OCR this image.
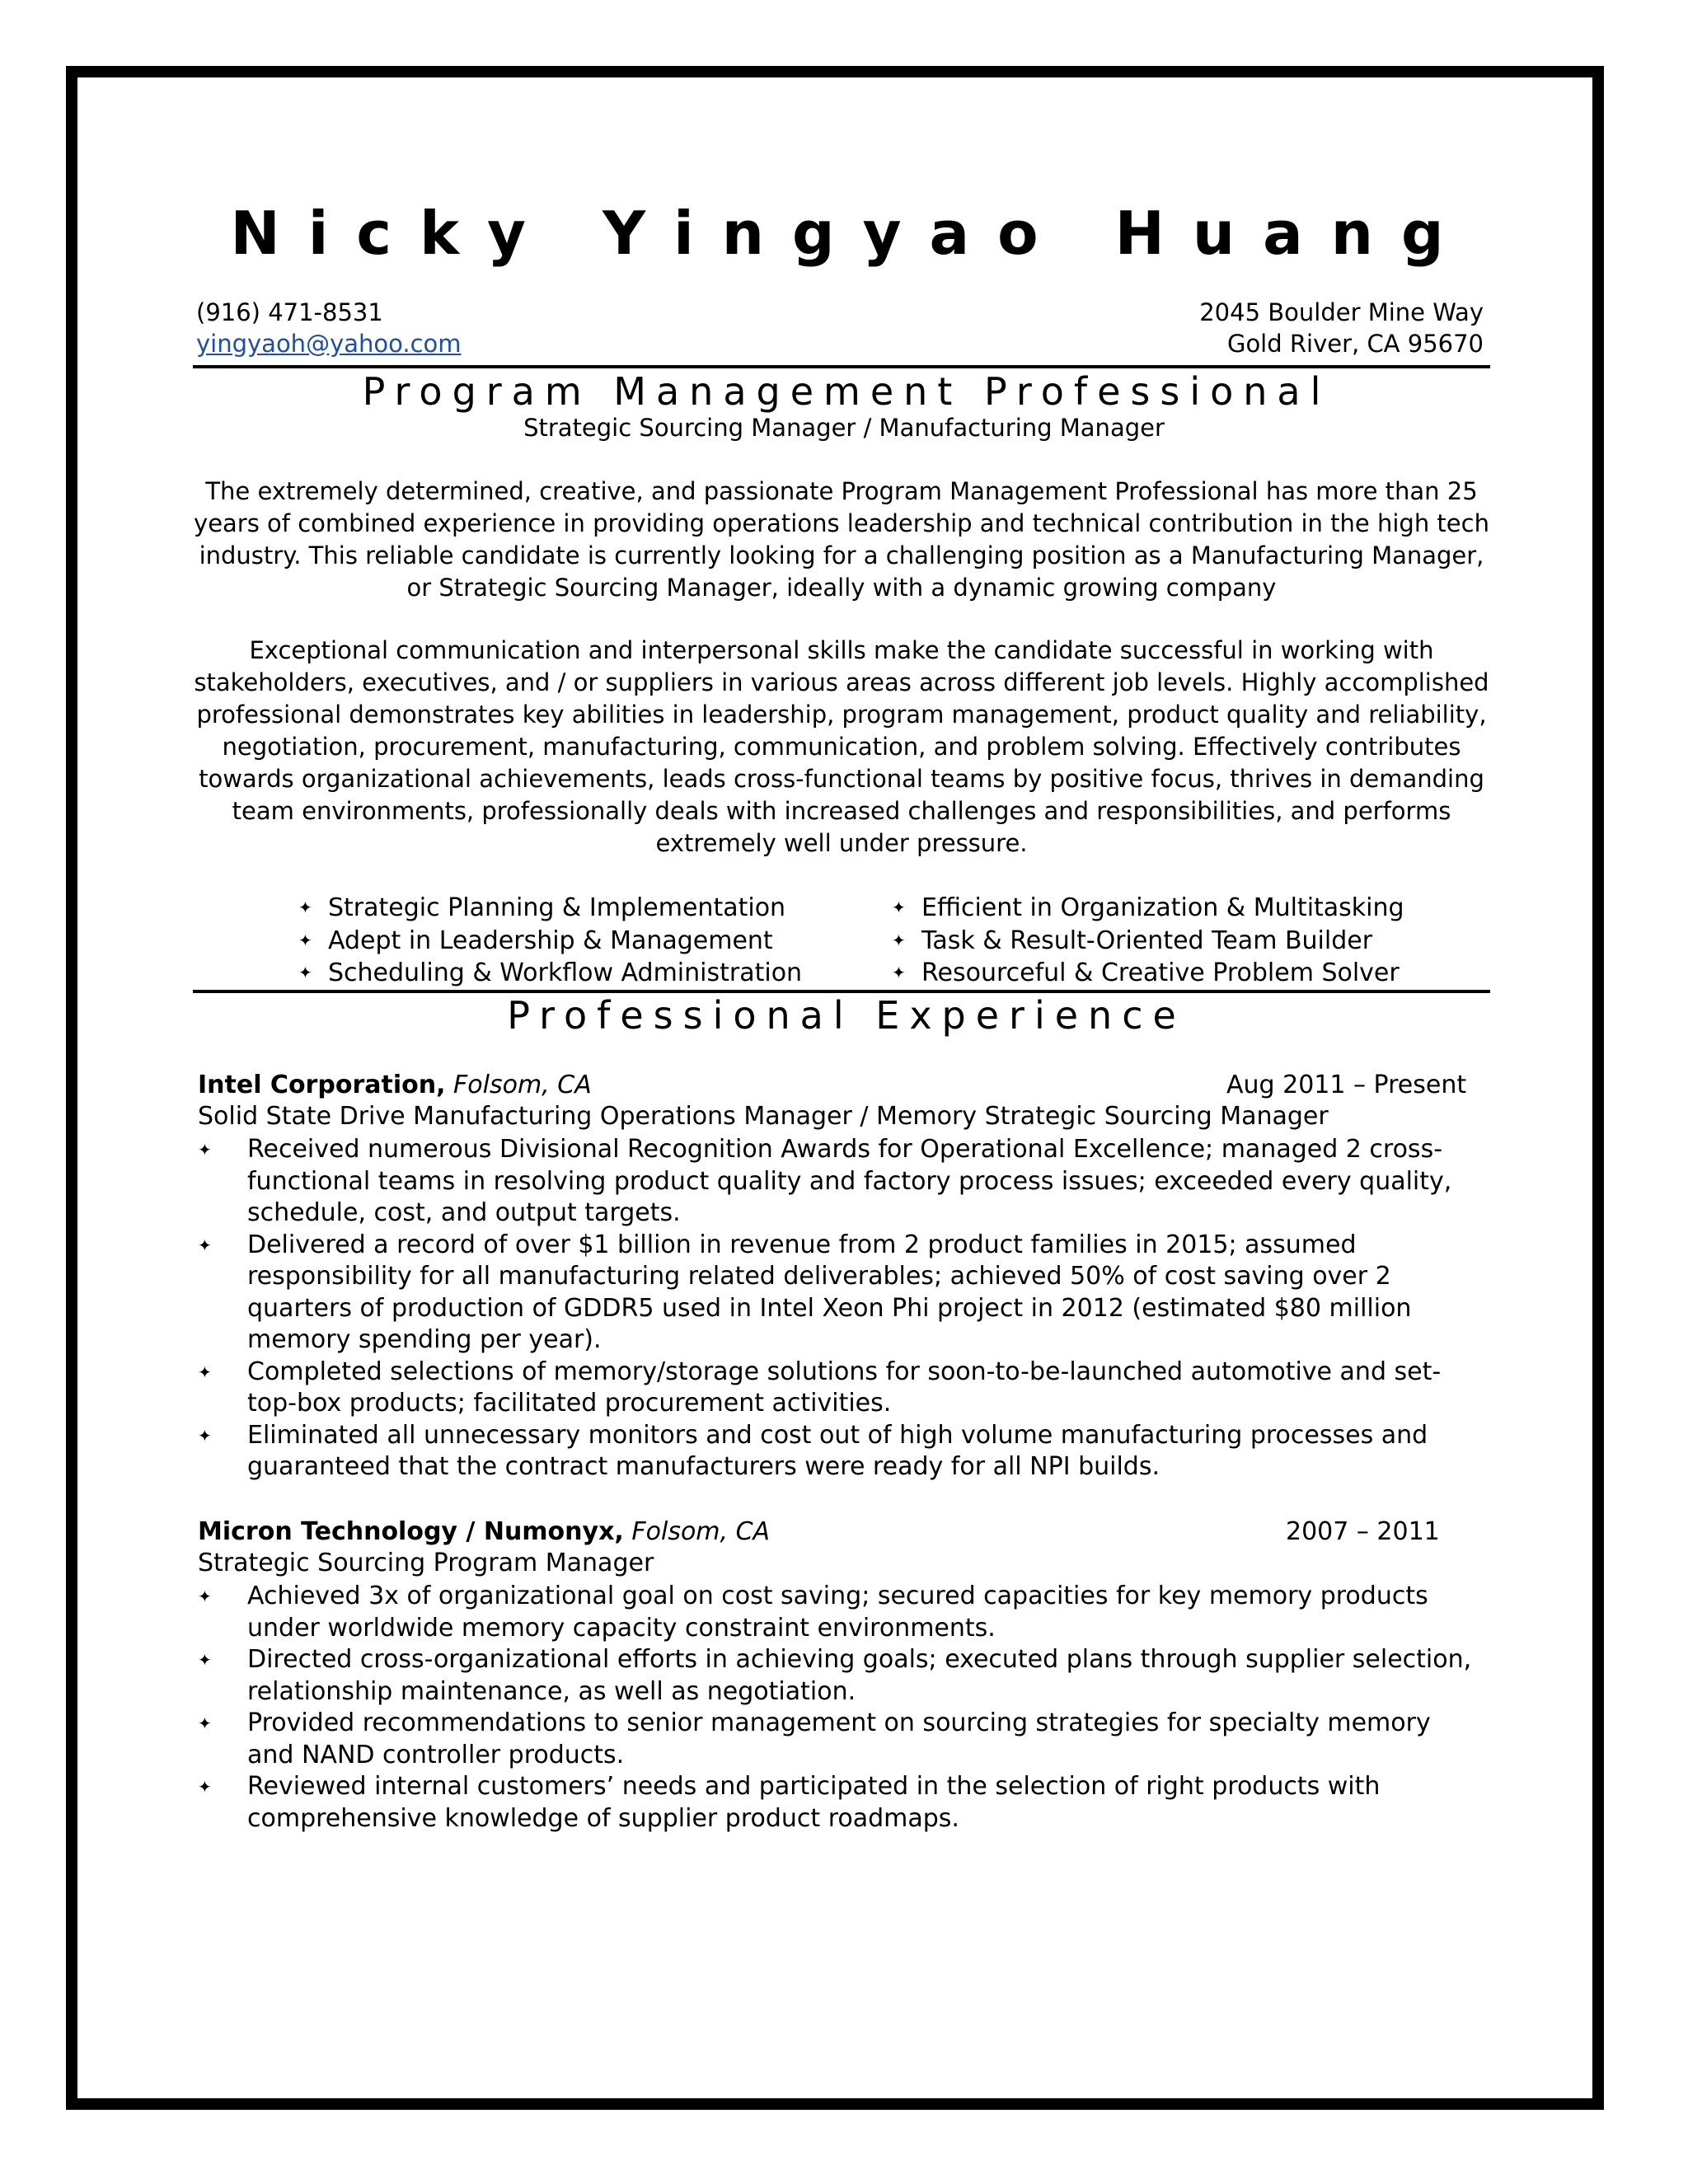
Nicky Yingyao Huang
(916) 471-8531
yingyaoh@yahoo.com
2045 Boulder Mine Way
Gold River, CA 95670
Program Management Professional
Strategic Sourcing Manager / Manufacturing Manager

The extremely determined, creative, and passionate Program Management Professional has more than 25 years of combined experience in providing operations leadership and technical contribution in the high tech industry. This reliable candidate is currently looking for a challenging position as a Manufacturing Manager, or Strategic Sourcing Manager, ideally with a dynamic growing company

Exceptional communication and interpersonal skills make the candidate successful in working with stakeholders, executives, and / or suppliers in various areas across different job levels. Highly accomplished professional demonstrates key abilities in leadership, program management, product quality and reliability, negotiation, procurement, manufacturing, communication, and problem solving. Effectively contributes towards organizational achievements, leads cross-functional teams by positive focus, thrives in demanding team environments, professionally deals with increased challenges and responsibilities, and performs extremely well under pressure.

✦ Strategic Planning & Implementation
✦ Adept in Leadership & Management
✦ Scheduling & Workflow Administration
✦ Efficient in Organization & Multitasking
✦ Task & Result-Oriented Team Builder
✦ Resourceful & Creative Problem Solver
Professional Experience
Intel Corporation, Folsom, CA	Aug 2011 – Present
Solid State Drive Manufacturing Operations Manager / Memory Strategic Sourcing Manager
✦ Received numerous Divisional Recognition Awards for Operational Excellence; managed 2 cross-functional teams in resolving product quality and factory process issues; exceeded every quality, schedule, cost, and output targets.
✦ Delivered a record of over $1 billion in revenue from 2 product families in 2015; assumed responsibility for all manufacturing related deliverables; achieved 50% of cost saving over 2 quarters of production of GDDR5 used in Intel Xeon Phi project in 2012 (estimated $80 million memory spending per year).
✦ Completed selections of memory/storage solutions for soon-to-be-launched automotive and set-top-box products; facilitated procurement activities.
✦ Eliminated all unnecessary monitors and cost out of high volume manufacturing processes and guaranteed that the contract manufacturers were ready for all NPI builds.
Micron Technology / Numonyx, Folsom, CA	2007 – 2011
Strategic Sourcing Program Manager
✦ Achieved 3x of organizational goal on cost saving; secured capacities for key memory products under worldwide memory capacity constraint environments.
✦ Directed cross-organizational efforts in achieving goals; executed plans through supplier selection, relationship maintenance, as well as negotiation.
✦ Provided recommendations to senior management on sourcing strategies for specialty memory and NAND controller products.
✦ Reviewed internal customers’ needs and participated in the selection of right products with comprehensive knowledge of supplier product roadmaps.
